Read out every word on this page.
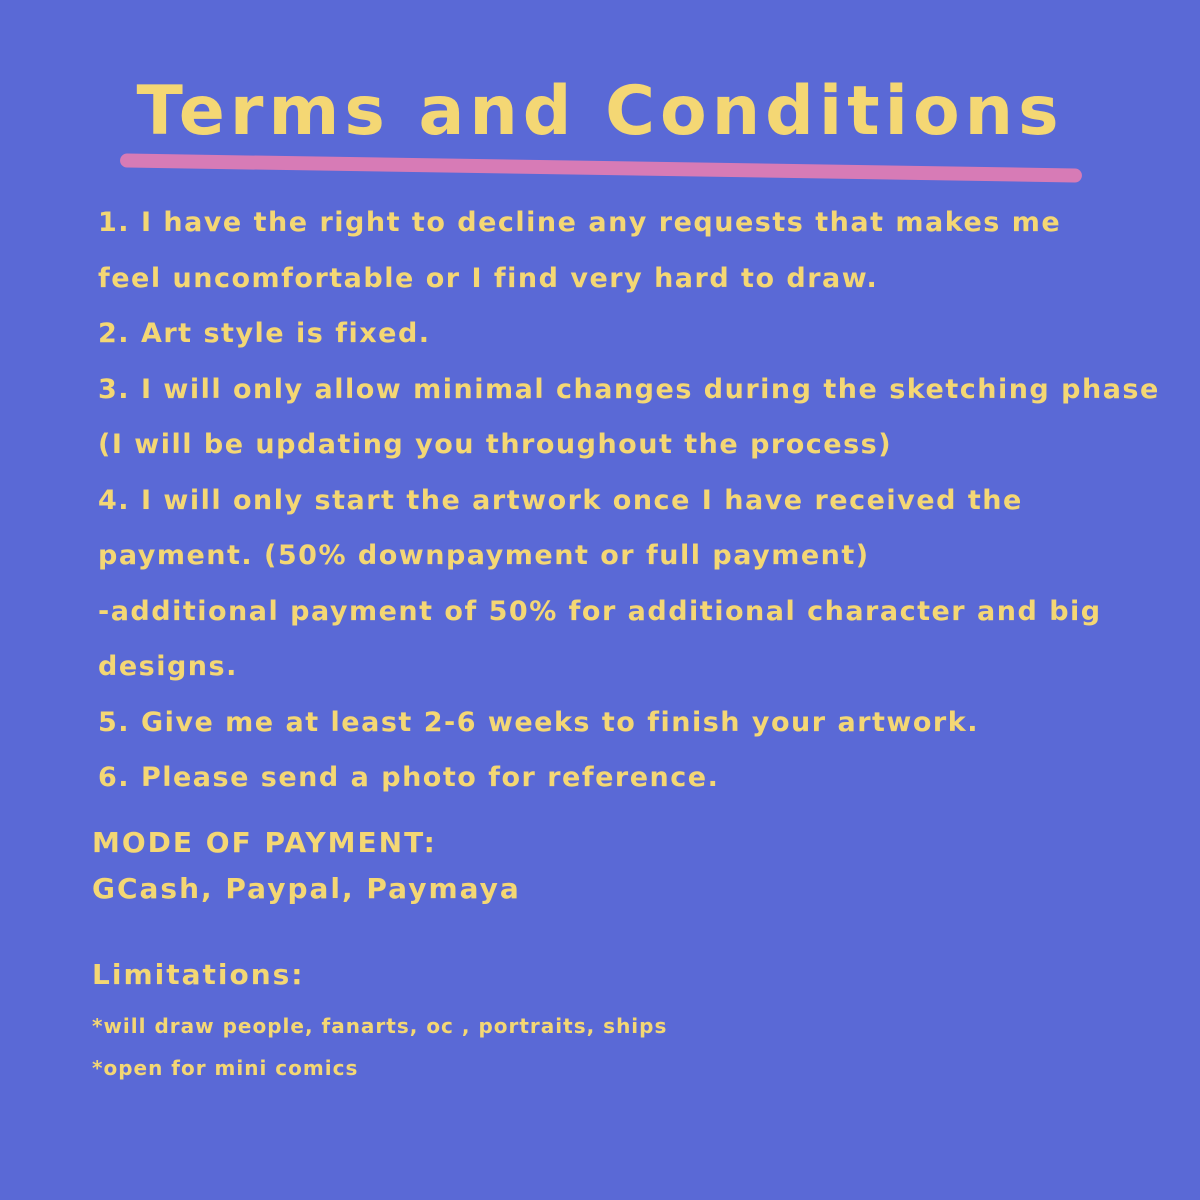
Terms and Conditions
1. I have the right to decline any requests that makes me
feel uncomfortable or I find very hard to draw.
2. Art style is fixed.
3. I will only allow minimal changes during the sketching phase
(I will be updating you throughout the process)
4. I will only start the artwork once I have received the
payment. (50% downpayment or full payment)
-additional payment of 50% for additional character and big
designs.
5. Give me at least 2-6 weeks to finish your artwork.
6. Please send a photo for reference.
MODE OF PAYMENT:
GCash, Paypal, Paymaya
Limitations:
*will draw people, fanarts, oc , portraits, ships
*open for mini comics
